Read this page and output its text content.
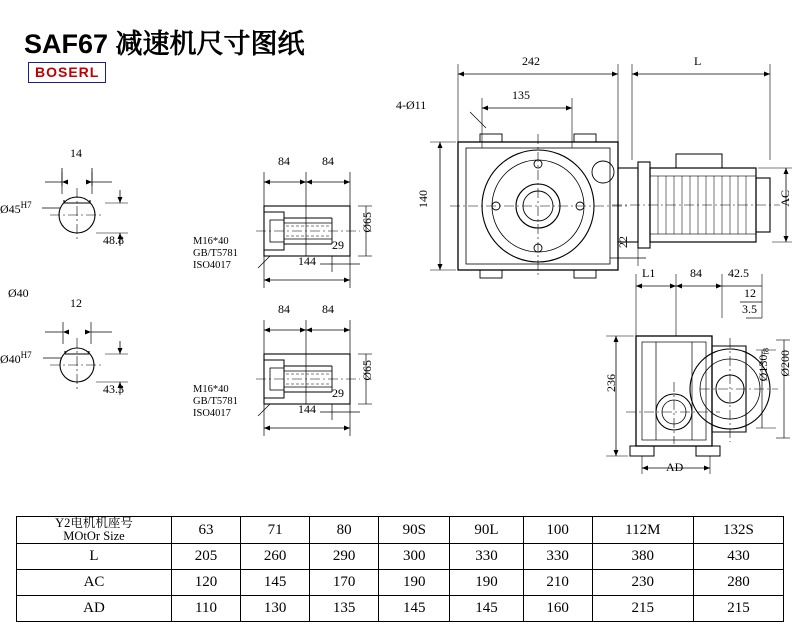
SAF67 减速机尺寸图纸
BOSERL
14
$Ø45^{H7}$
48.8
Ø40
12
$Ø40^{H7}$
43.3
84	84
29
144
Ø65
M16*40
GB/T5781
ISO4017
84	84
29
144
Ø65
M16*40
GB/T5781
ISO4017
242	L
135
4-Ø11
140
22
AC
L1	84 42.5
12
3.5
236
$Ø130_{f8}$ Ø200
AD
Y2电机机座号
MOtOr Size	63	71	80	90S	90L	100	112M	132S
L	205	260	290	300	330	330	380	430
AC	120	145	170	190	190	210	230	280
AD	110	130	135	145	145	160	215	215
